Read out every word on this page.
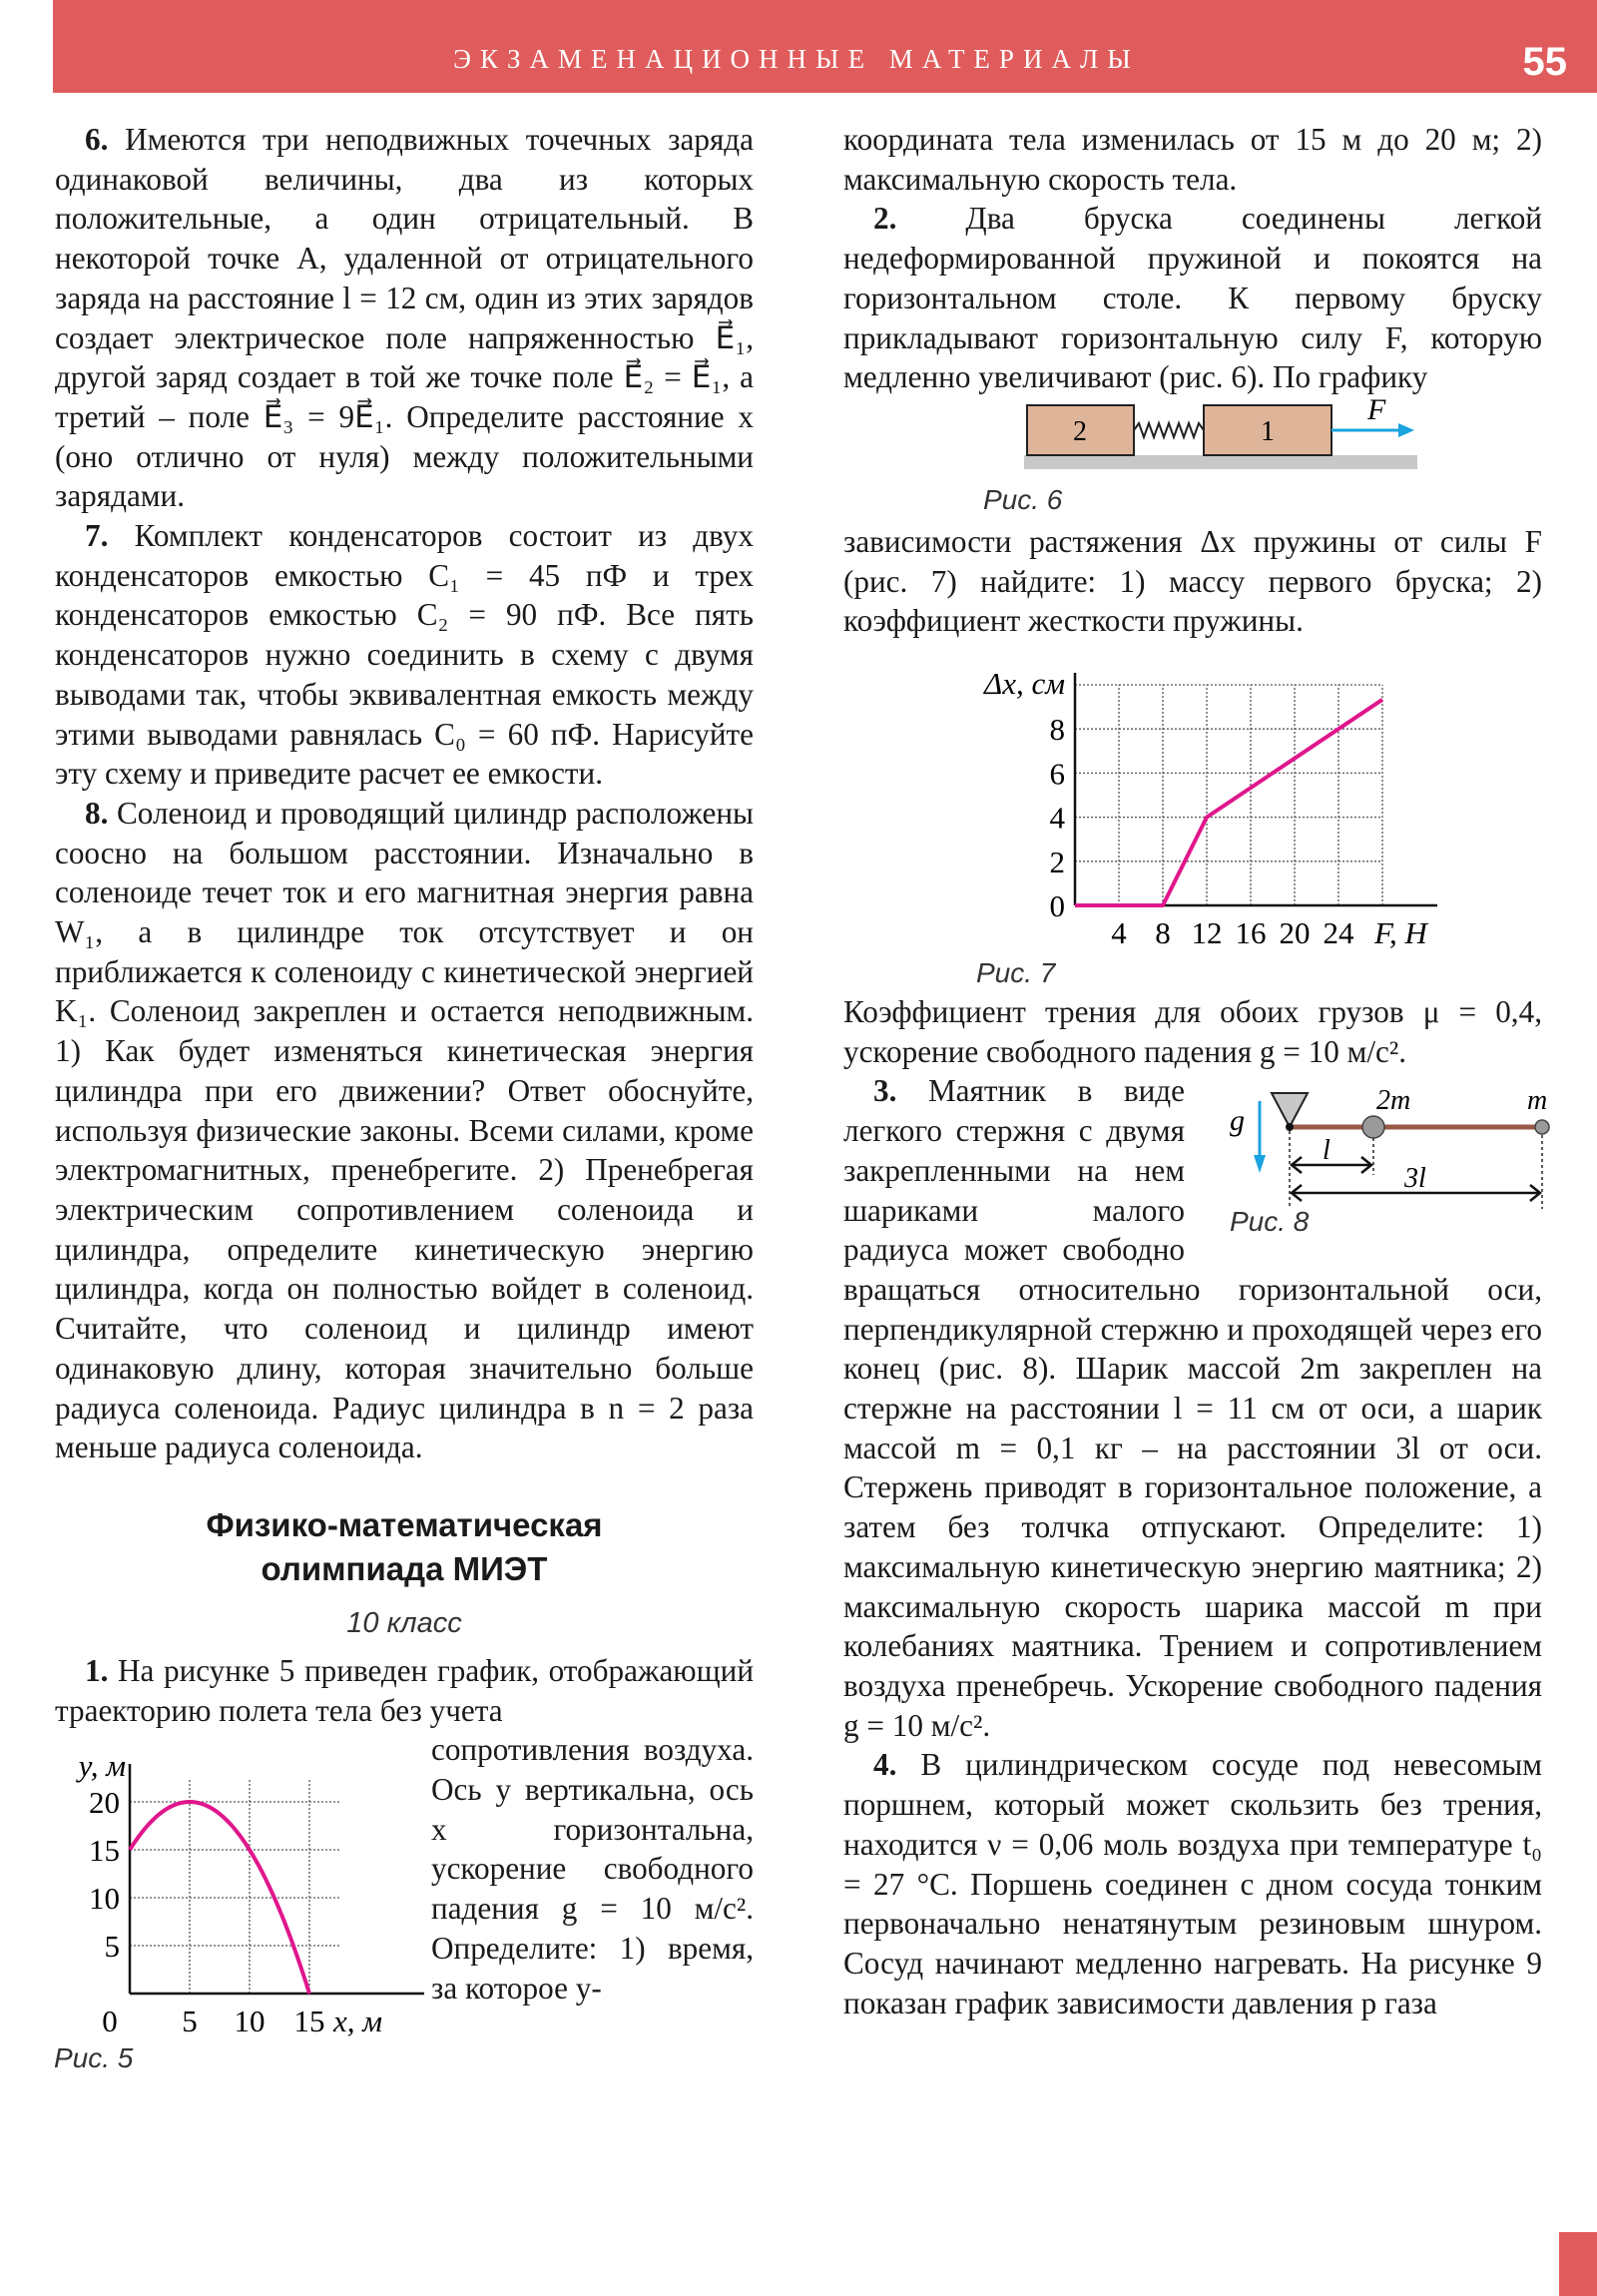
ЭКЗАМЕНАЦИОННЫЕ МАТЕРИАЛЫ	55

6. Имеются три неподвижных точечных заряда одинаковой величины, два из которых положительные, а один отрицательный. В некоторой точке A, удаленной от отрицательного заряда на расстояние l = 12 см, один из этих зарядов создает электрическое поле напряженностью E⃗₁, другой заряд создает в той же точке поле E⃗₂ = E⃗₁, а третий – поле E⃗₃ = 9E⃗₁. Определите расстояние x (оно отлично от нуля) между положительными зарядами.

7. Комплект конденсаторов состоит из двух конденсаторов емкостью C₁ = 45 пФ и трех конденсаторов емкостью C₂ = 90 пФ. Все пять конденсаторов нужно соединить в схему с двумя выводами так, чтобы эквивалентная емкость между этими выводами равнялась C₀ = 60 пФ. Нарисуйте эту схему и приведите расчет ее емкости.

8. Соленоид и проводящий цилиндр расположены соосно на большом расстоянии. Изначально в соленоиде течет ток и его магнитная энергия равна W₁, а в цилиндре ток отсутствует и он приближается к соленоиду с кинетической энергией K₁. Соленоид закреплен и остается неподвижным. 1) Как будет изменяться кинетическая энергия цилиндра при его движении? Ответ обоснуйте, используя физические законы. Всеми силами, кроме электромагнитных, пренебрегите. 2) Пренебрегая электрическим сопротивлением соленоида и цилиндра, определите кинетическую энергию цилиндра, когда он полностью войдет в соленоид. Считайте, что соленоид и цилиндр имеют одинаковую длину, которая значительно больше радиуса соленоида. Радиус цилиндра в n = 2 раза меньше радиуса соленоида.

Физико-математическая
олимпиада МИЭТ
10 класс

1. На рисунке 5 приведен график, отображающий траекторию полета тела без учета

0 5 10 15
5
10
15
20
x, м
y, м
Рис. 5

сопротивления воздуха. Ось y вертикальна, ось x горизонтальна, ускорение свободного падения g = 10 м/с². Определите: 1) время, за которое y-

координата тела изменилась от 15 м до 20 м; 2) максимальную скорость тела.

2. Два бруска соединены легкой недеформированной пружиной и покоятся на горизонтальном столе. К первому бруску прикладывают горизонтальную силу F, которую медленно увеличивают (рис. 6). По графику

2	1
F
Рис. 6

зависимости растяжения Δx пружины от силы F (рис. 7) найдите: 1) массу первого бруска; 2) коэффициент жесткости пружины.

4 8 12 16 20 24
0
2
4
6
8
F, Н
Δx, см
Рис. 7

Коэффициент трения для обоих грузов μ = 0,4, ускорение свободного падения g = 10 м/с².

3.
g
2m	m
l
3l
Рис. 8
Маятник в виде легкого стержня с двумя закрепленными на нем шариками малого радиуса может свободно вращаться относительно горизонтальной оси, перпендикулярной стержню и проходящей через его конец (рис. 8). Шарик массой 2m закреплен на стержне на расстоянии l = 11 см от оси, а шарик массой m = 0,1 кг – на расстоянии 3l от оси. Стержень приводят в горизонтальное положение, а затем без толчка отпускают. Определите: 1) максимальную кинетическую энергию маятника; 2) максимальную скорость шарика массой m при колебаниях маятника. Трением и сопротивлением воздуха пренебречь. Ускорение свободного падения g = 10 м/с².

4. В цилиндрическом сосуде под невесомым поршнем, который может скользить без трения, находится ν = 0,06 моль воздуха при температуре t₀ = 27 °C. Поршень соединен с дном сосуда тонким первоначально ненатянутым резиновым шнуром. Сосуд начинают медленно нагревать. На рисунке 9 показан график зависимости давления p газа
